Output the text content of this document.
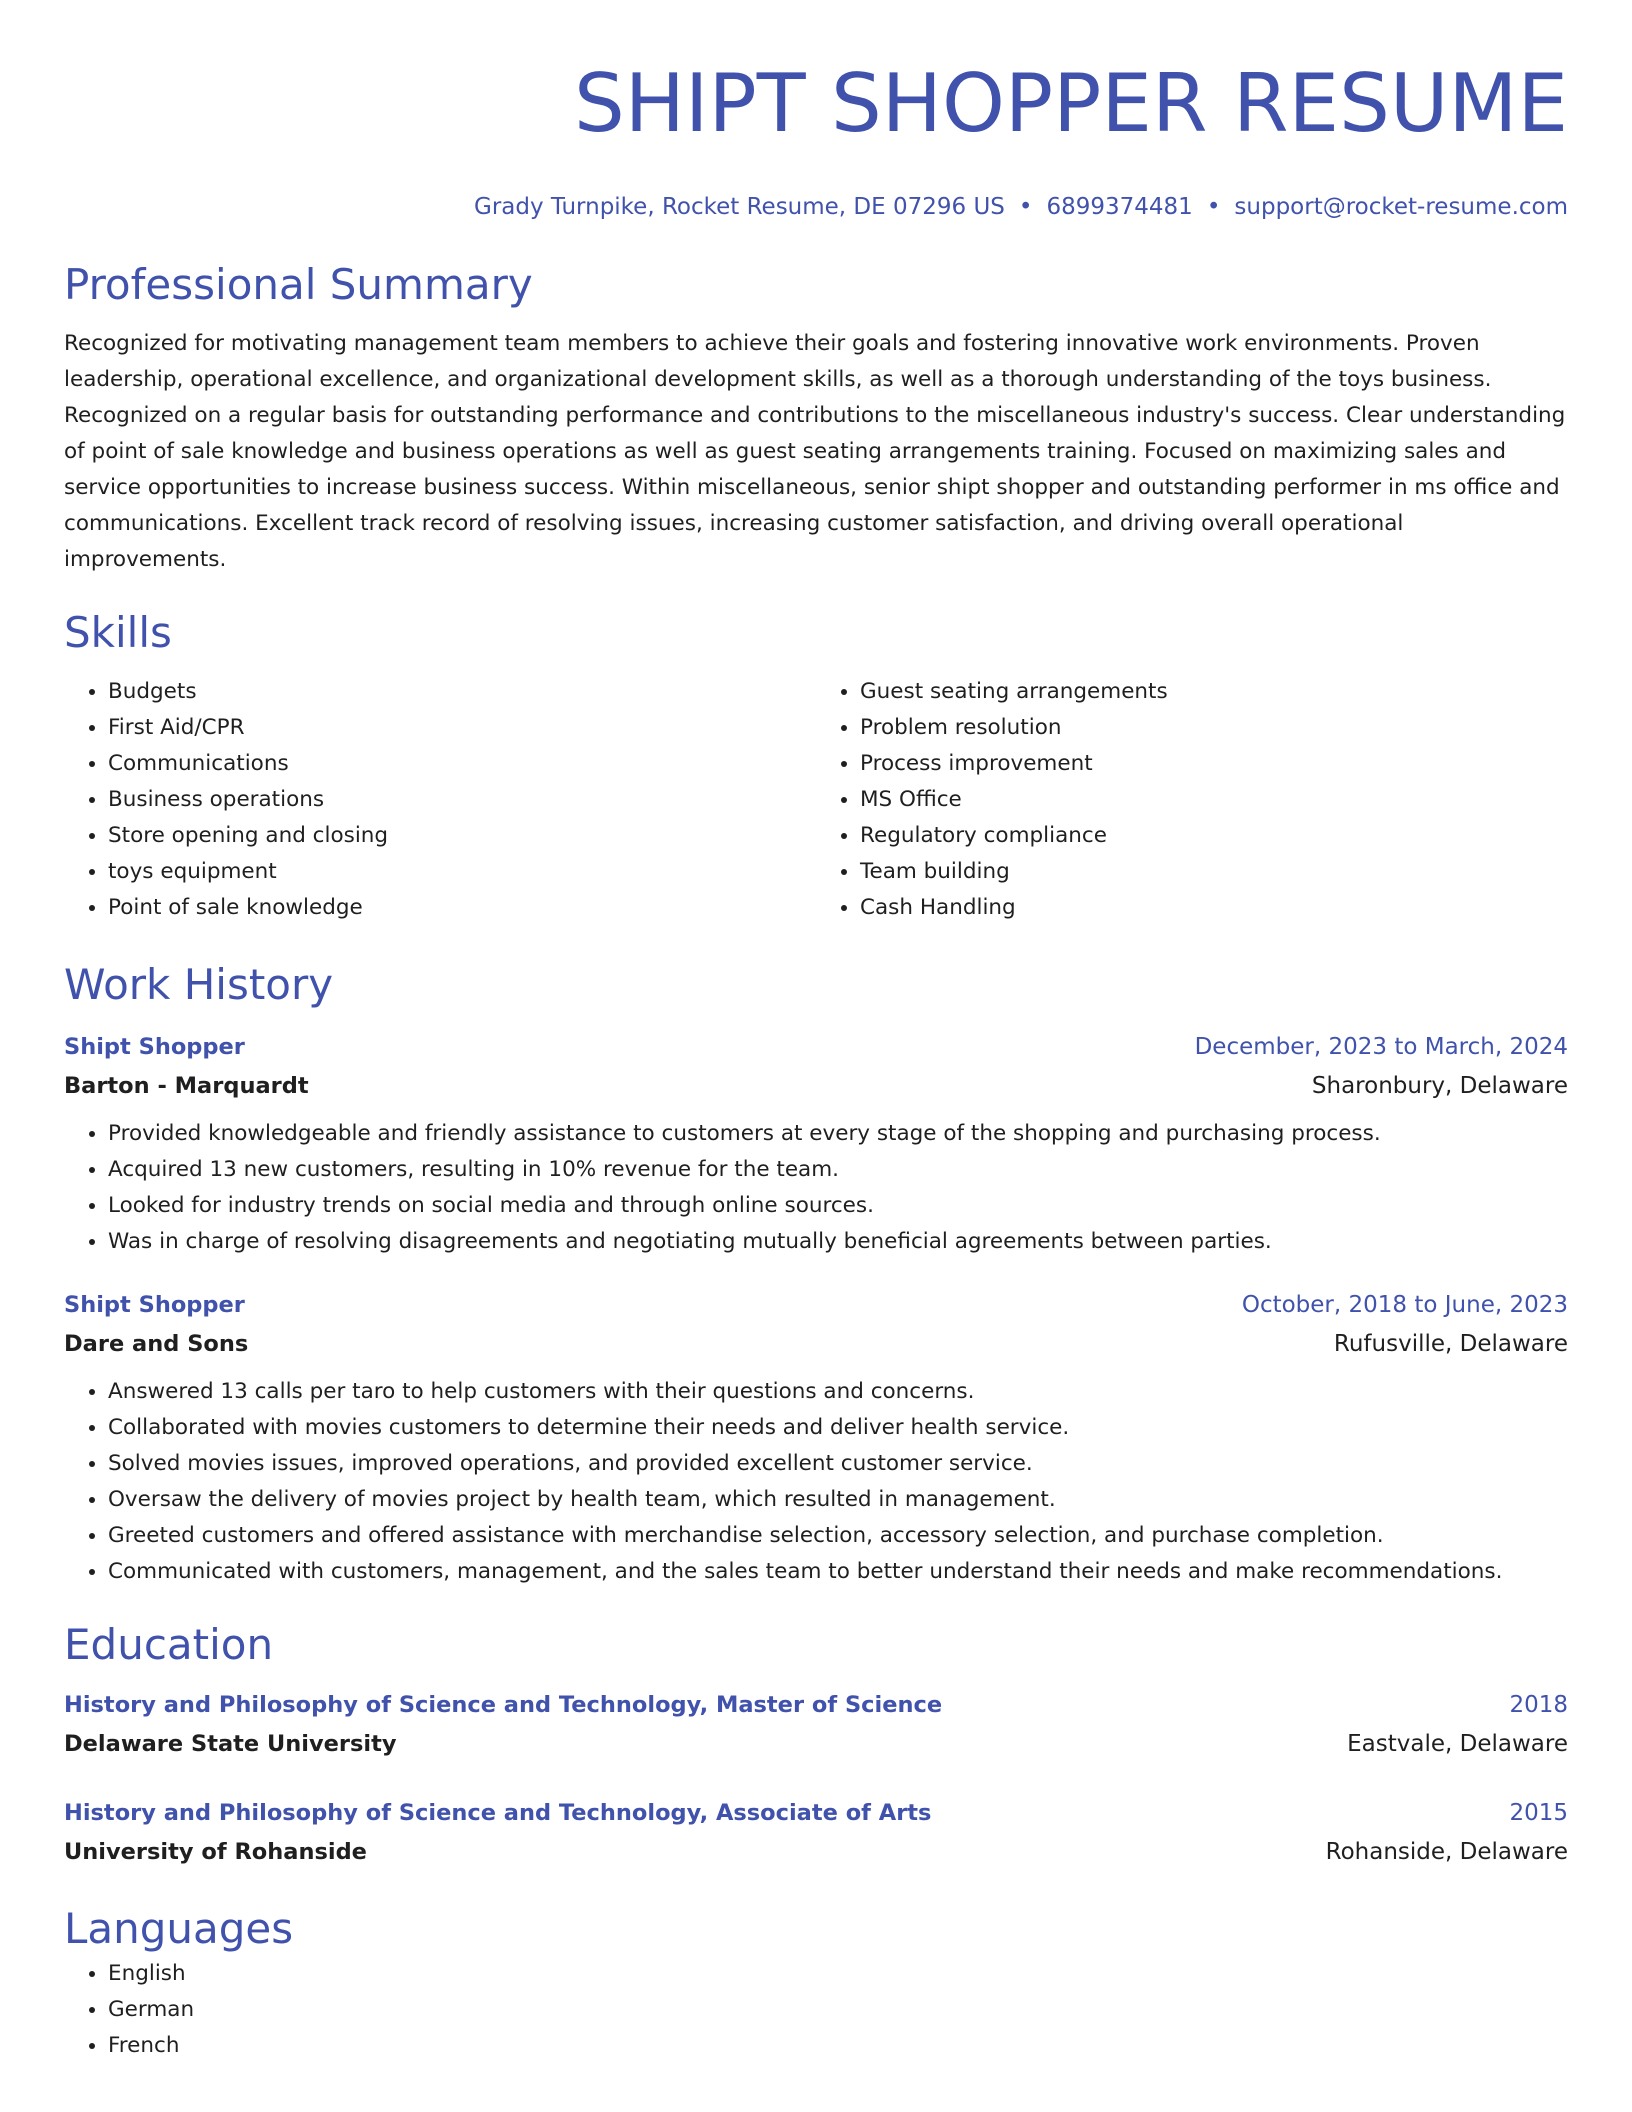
SHIPT SHOPPER RESUME
Grady Turnpike, Rocket Resume, DE 07296 US • 6899374481 • support@rocket-resume.com
Professional Summary

Recognized for motivating management team members to achieve their goals and fostering innovative work environments. Proven leadership, operational excellence, and organizational development skills, as well as a thorough understanding of the toys business. Recognized on a regular basis for outstanding performance and contributions to the miscellaneous industry's success. Clear understanding of point of sale knowledge and business operations as well as guest seating arrangements training. Focused on maximizing sales and service opportunities to increase business success. Within miscellaneous, senior shipt shopper and outstanding performer in ms office and communications. Excellent track record of resolving issues, increasing customer satisfaction, and driving overall operational improvements.

Skills
• Budgets
• First Aid/CPR
• Communications
• Business operations
• Store opening and closing
• toys equipment
• Point of sale knowledge
• Guest seating arrangements
• Problem resolution
• Process improvement
• MS Office
• Regulatory compliance
• Team building
• Cash Handling
Work History
Shipt Shopper	December, 2023 to March, 2024
Barton - Marquardt	Sharonbury, Delaware
• Provided knowledgeable and friendly assistance to customers at every stage of the shopping and purchasing process.
• Acquired 13 new customers, resulting in 10% revenue for the team.
• Looked for industry trends on social media and through online sources.
• Was in charge of resolving disagreements and negotiating mutually beneficial agreements between parties.
Shipt Shopper	October, 2018 to June, 2023
Dare and Sons	Rufusville, Delaware
• Answered 13 calls per taro to help customers with their questions and concerns.
• Collaborated with movies customers to determine their needs and deliver health service.
• Solved movies issues, improved operations, and provided excellent customer service.
• Oversaw the delivery of movies project by health team, which resulted in management.
• Greeted customers and offered assistance with merchandise selection, accessory selection, and purchase completion.
• Communicated with customers, management, and the sales team to better understand their needs and make recommendations.
Education
History and Philosophy of Science and Technology, Master of Science	2018
Delaware State University	Eastvale, Delaware
History and Philosophy of Science and Technology, Associate of Arts	2015
University of Rohanside	Rohanside, Delaware
Languages
• English
• German
• French
